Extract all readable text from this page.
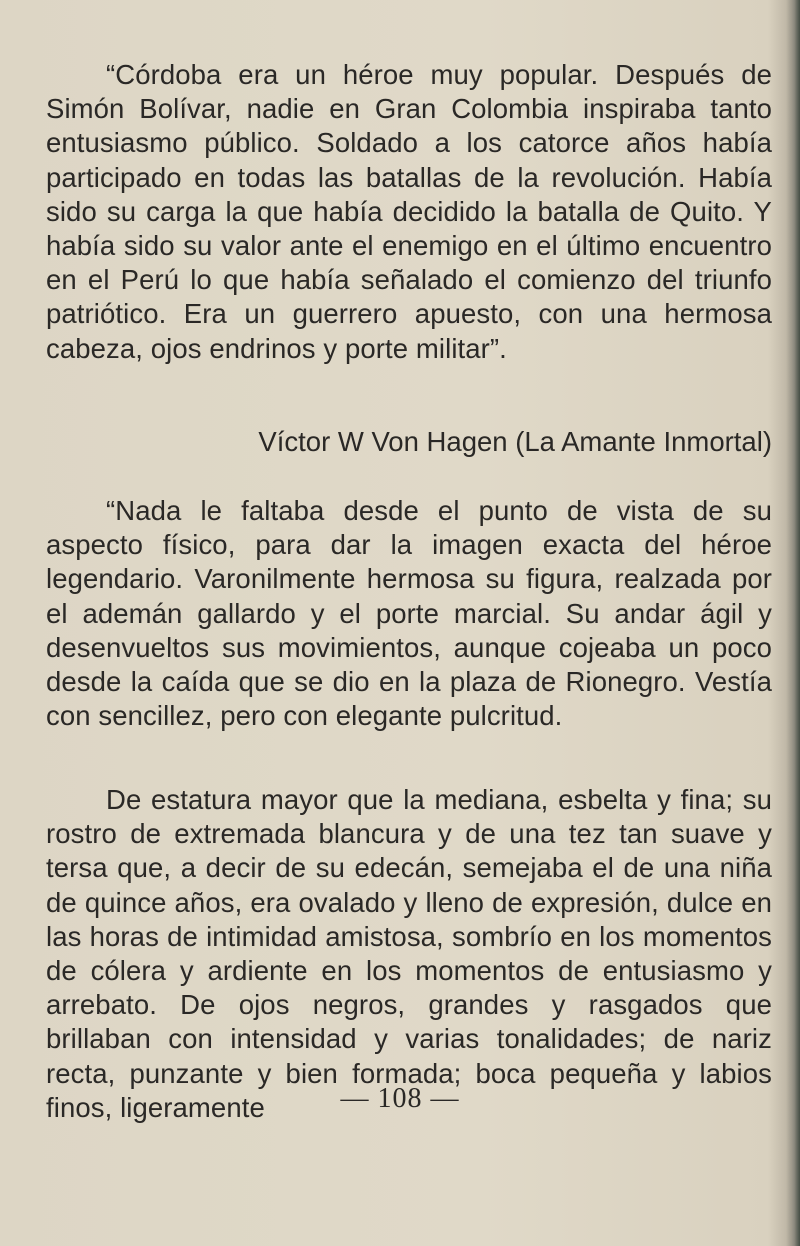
“Córdoba era un héroe muy popular. Después de Simón Bolívar, nadie en Gran Colombia inspiraba tanto entusiasmo público. Soldado a los catorce años había participado en todas las batallas de la revolución. Había sido su carga la que había decidido la batalla de Quito. Y había sido su valor ante el enemigo en el último encuentro en el Perú lo que había señalado el comienzo del triunfo patriótico. Era un guerrero apuesto, con una hermosa cabeza, ojos endrinos y porte militar”.

Víctor W Von Hagen (La Amante Inmortal)

“Nada le faltaba desde el punto de vista de su aspecto físico, para dar la imagen exacta del héroe legendario. Varonilmente hermosa su figura, realzada por el ademán gallardo y el porte marcial. Su andar ágil y desenvueltos sus movimientos, aunque cojeaba un poco desde la caída que se dio en la plaza de Rionegro. Vestía con sencillez, pero con elegante pulcritud.

De estatura mayor que la mediana, esbelta y fina; su rostro de extremada blancura y de una tez tan suave y tersa que, a decir de su edecán, semejaba el de una niña de quince años, era ovalado y lleno de expresión, dulce en las horas de intimidad amistosa, sombrío en los momentos de cólera y ardiente en los momentos de entusiasmo y arrebato. De ojos negros, grandes y rasgados que brillaban con intensidad y varias tonalidades; de nariz recta, punzante y bien formada; boca pequeña y labios finos, ligeramente	— 108 —
